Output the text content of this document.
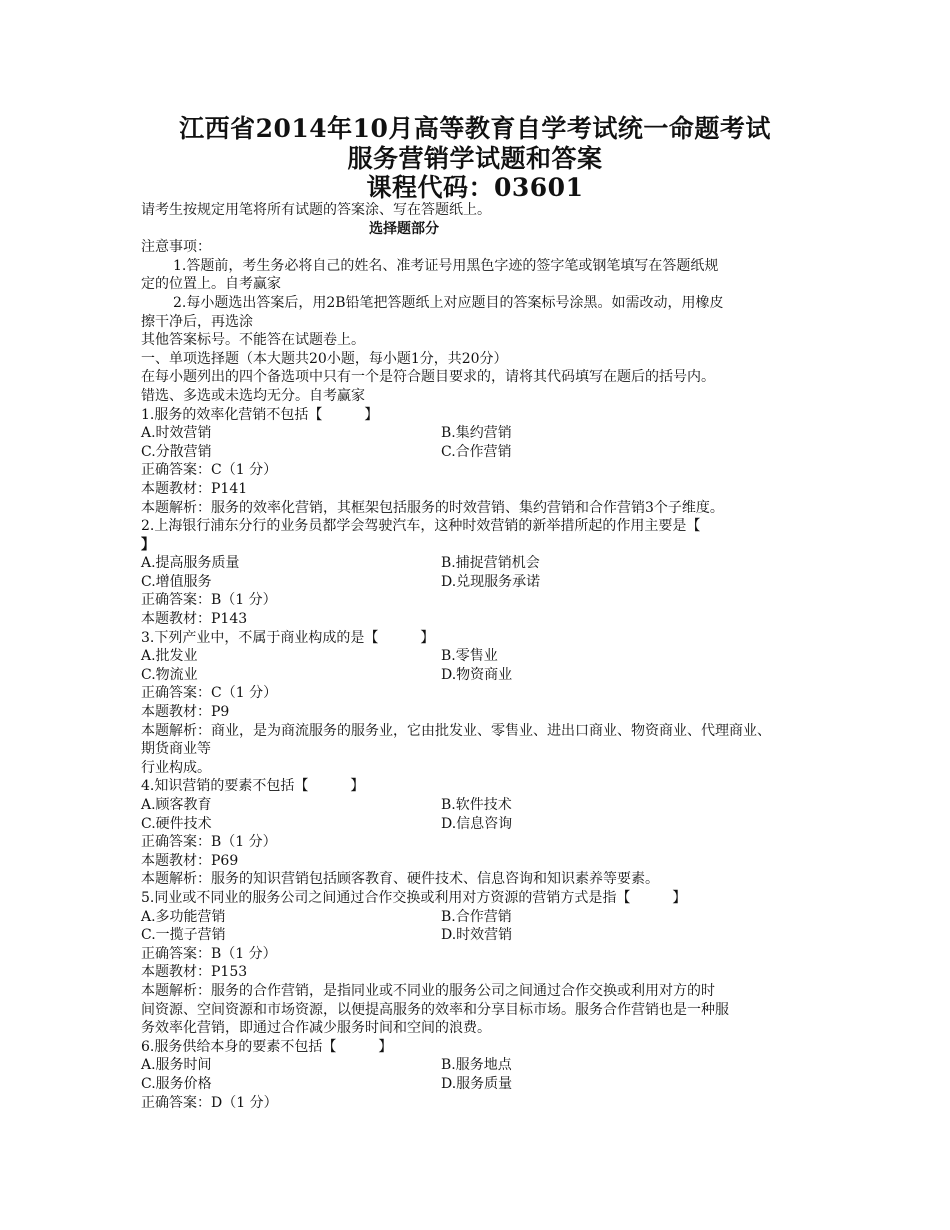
江西省2014年10月高等教育自学考试统一命题考试
服务营销学试题和答案
课程代码：03601
请考生按规定用笔将所有试题的答案涂、写在答题纸上。
选择题部分
注意事项：
1.答题前，考生务必将自己的姓名、准考证号用黑色字迹的签字笔或钢笔填写在答题纸规
定的位置上。自考赢家
2.每小题选出答案后，用2B铅笔把答题纸上对应题目的答案标号涂黑。如需改动，用橡皮
擦干净后，再选涂
其他答案标号。不能答在试题卷上。
一、单项选择题（本大题共20小题，每小题1分，共20分）
在每小题列出的四个备选项中只有一个是符合题目要求的，请将其代码填写在题后的括号内。
错选、多选或未选均无分。自考赢家
1.服务的效率化营销不包括【　　　】
A.时效营销	B.集约营销
C.分散营销	C.合作营销
正确答案：C（1 分）
本题教材：P141
本题解析：服务的效率化营销，其框架包括服务的时效营销、集约营销和合作营销3个子维度。
2.上海银行浦东分行的业务员都学会驾驶汽车，这种时效营销的新举措所起的作用主要是【
】
A.提高服务质量	B.捕捉营销机会
C.增值服务	D.兑现服务承诺
正确答案：B（1 分）
本题教材：P143
3.下列产业中，不属于商业构成的是【　　　】
A.批发业	B.零售业
C.物流业	D.物资商业
正确答案：C（1 分）
本题教材：P9
本题解析：商业，是为商流服务的服务业，它由批发业、零售业、进出口商业、物资商业、代理商业、
期货商业等
行业构成。
4.知识营销的要素不包括【　　　】
A.顾客教育	B.软件技术
C.硬件技术	D.信息咨询
正确答案：B（1 分）
本题教材：P69
本题解析：服务的知识营销包括顾客教育、硬件技术、信息咨询和知识素养等要素。
5.同业或不同业的服务公司之间通过合作交换或利用对方资源的营销方式是指【　　　】
A.多功能营销	B.合作营销
C.一揽子营销	D.时效营销
正确答案：B（1 分）
本题教材：P153
本题解析：服务的合作营销，是指同业或不同业的服务公司之间通过合作交换或利用对方的时
间资源、空间资源和市场资源，以便提高服务的效率和分享目标市场。服务合作营销也是一种服
务效率化营销，即通过合作减少服务时间和空间的浪费。
6.服务供给本身的要素不包括【　　　】
A.服务时间	B.服务地点
C.服务价格	D.服务质量
正确答案：D（1 分）
